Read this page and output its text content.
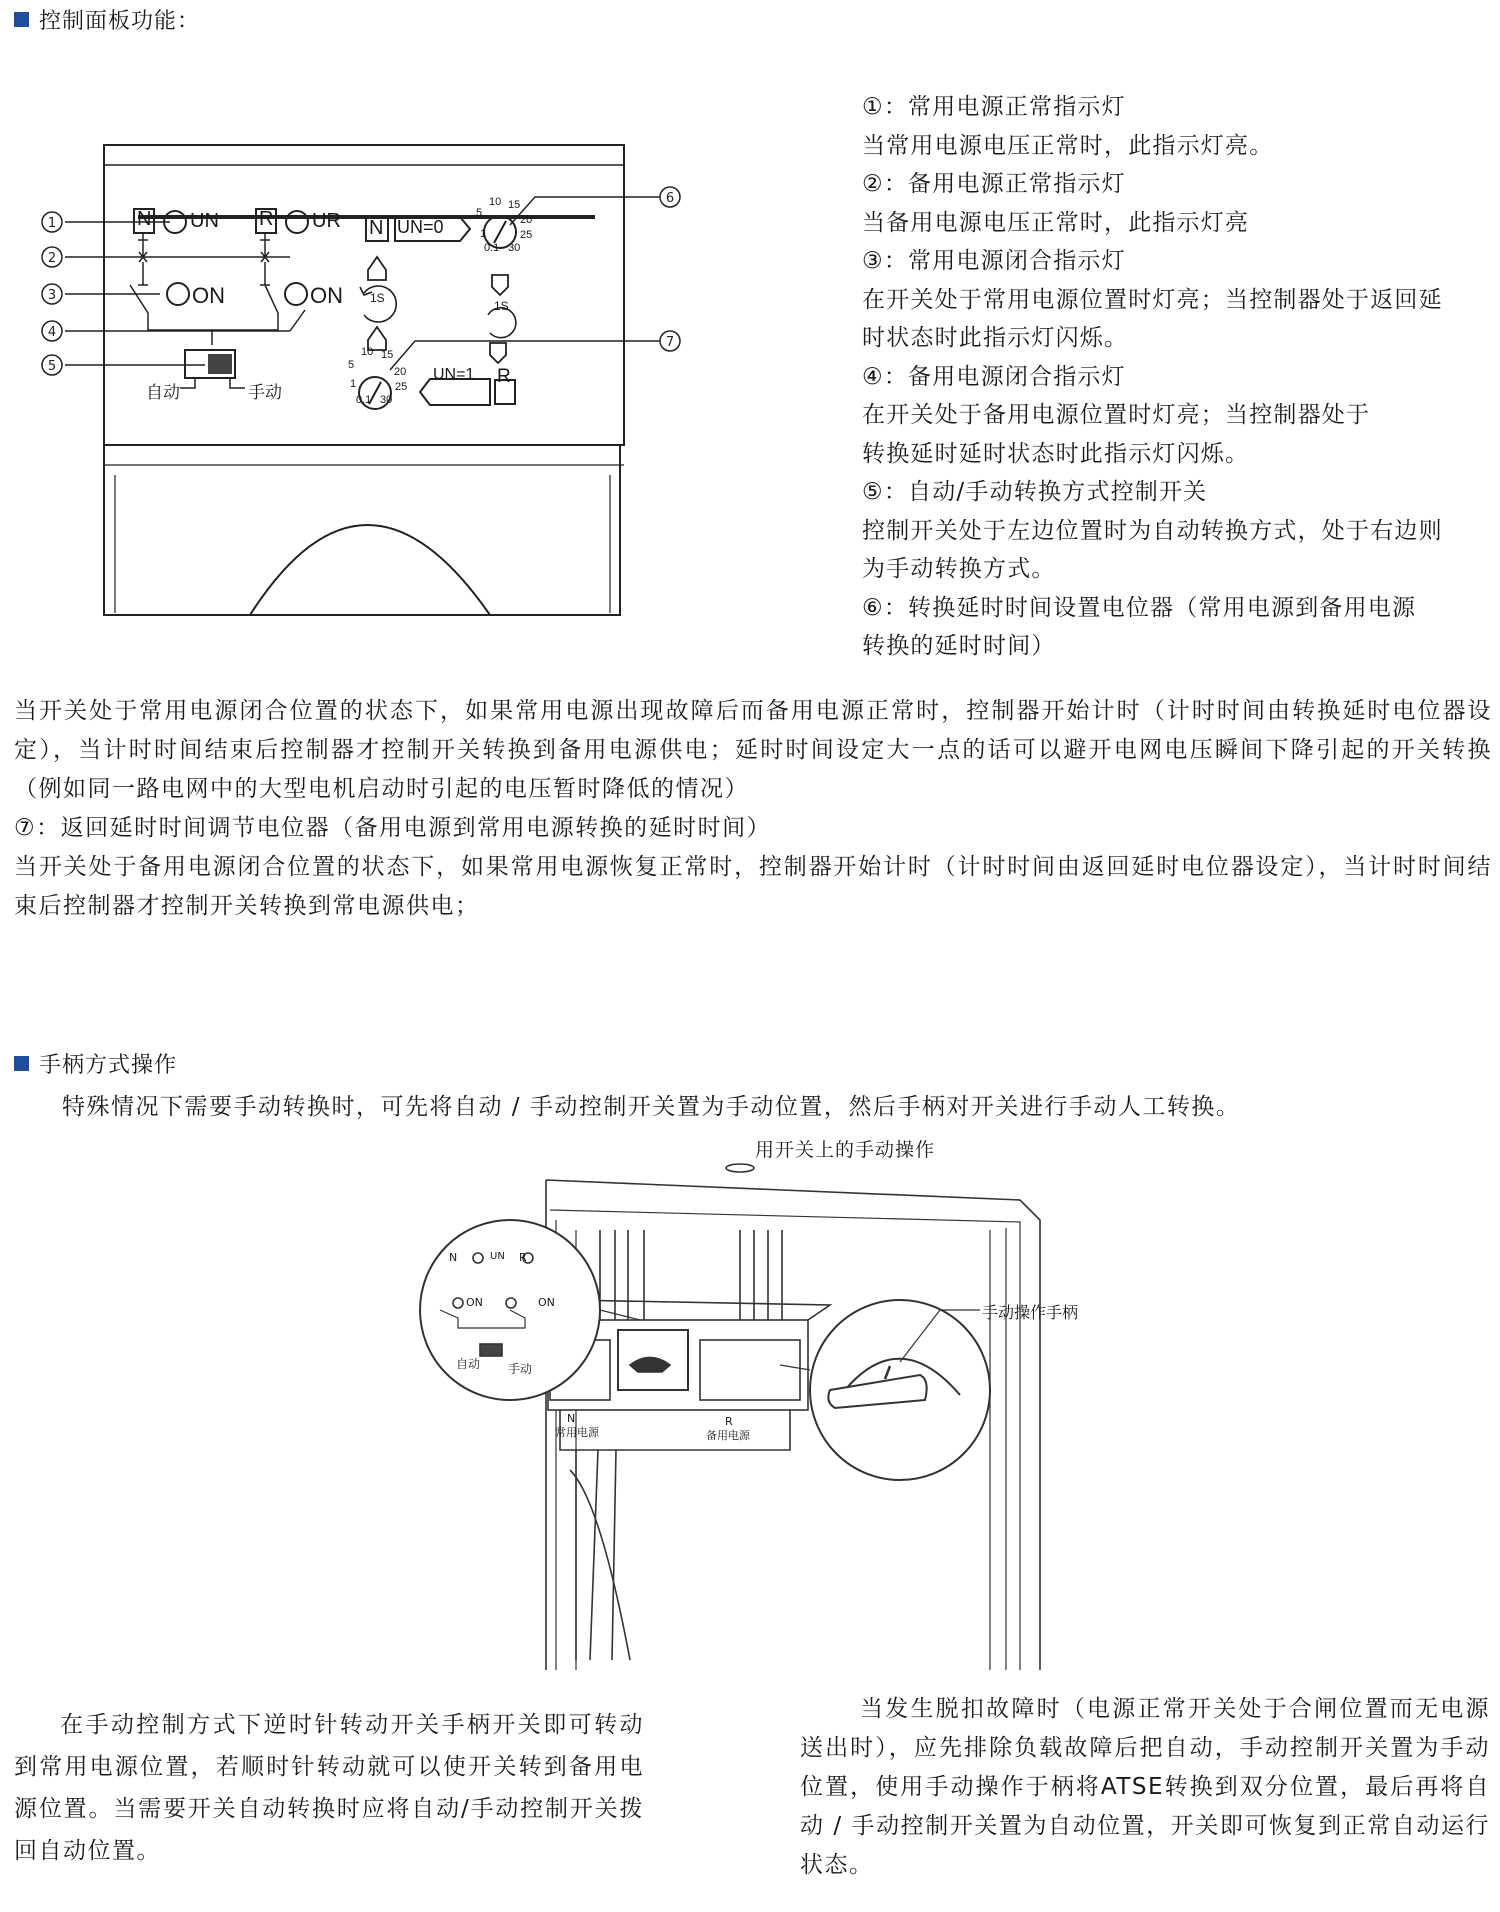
控制面板功能：
1
2
3
4
5
6
7
N UN R UR
ON	ON
自动	手动
N UN=0
UN=1 R
1S
1S
5
10 15
20
25
30
0.1
1
5
10 15
20
25
30
0.1
1

①：常用电源正常指示灯

当常用电源电压正常时，此指示灯亮。

②：备用电源正常指示灯

当备用电源电压正常时，此指示灯亮

③：常用电源闭合指示灯

在开关处于常用电源位置时灯亮；当控制器处于返回延

时状态时此指示灯闪烁。

④：备用电源闭合指示灯

在开关处于备用电源位置时灯亮；当控制器处于

转换延时延时状态时此指示灯闪烁。

⑤：自动/手动转换方式控制开关

控制开关处于左边位置时为自动转换方式，处于右边则

为手动转换方式。

⑥：转换延时时间设置电位器（常用电源到备用电源

转换的延时时间）

当开关处于常用电源闭合位置的状态下，如果常用电源出现故障后而备用电源正常时，控制器开始计时（计时时间由转换延时电位器设定），当计时时间结束后控制器才控制开关转换到备用电源供电；延时时间设定大一点的话可以避开电网电压瞬间下降引起的开关转换（例如同一路电网中的大型电机启动时引起的电压暂时降低的情况）
⑦：返回延时时间调节电位器（备用电源到常用电源转换的延时时间）
当开关处于备用电源闭合位置的状态下，如果常用电源恢复正常时，控制器开始计时（计时时间由返回延时电位器设定），当计时时间结束后控制器才控制开关转换到常电源供电；
手柄方式操作
特殊情况下需要手动转换时，可先将自动 / 手动控制开关置为手动位置，然后手柄对开关进行手动人工转换。
用开关上的手动操作
手动操作手柄
N
常用电源
R
备用电源
自动 手动
ON	ON
N	R
UN
在手动控制方式下逆时针转动开关手柄开关即可转动到常用电源位置，若顺时针转动就可以使开关转到备用电源位置。当需要开关自动转换时应将自动/手动控制开关拨回自动位置。
当发生脱扣故障时（电源正常开关处于合闸位置而无电源送出时），应先排除负载故障后把自动，手动控制开关置为手动位置，使用手动操作于柄将ATSE转换到双分位置，最后再将自动 / 手动控制开关置为自动位置，开关即可恢复到正常自动运行状态。
